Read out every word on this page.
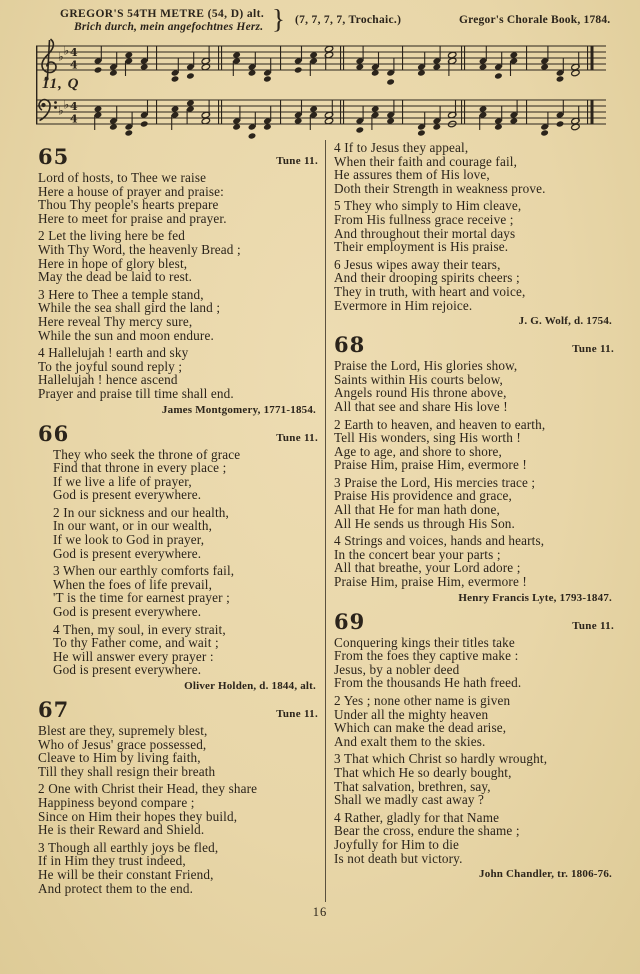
GREGOR'S 54TH METRE (54, D) alt.
Brich durch, mein angefochtnes Herz. } (7, 7, 7, 7, Trochaic.)	Gregor's Chorale Book, 1784.
♭ ♭ 4
4
♭ ♭ 4
4
11, Q
65	Tune 11.
Lord of hosts, to Thee we raise
Here a house of prayer and praise:
Thou Thy people's hearts prepare
Here to meet for praise and prayer.
2 Let the living here be fed
With Thy Word, the heavenly Bread ;
Here in hope of glory blest,
May the dead be laid to rest.
3 Here to Thee a temple stand,
While the sea shall gird the land ;
Here reveal Thy mercy sure,
While the sun and moon endure.
4 Hallelujah ! earth and sky
To the joyful sound reply ;
Hallelujah ! hence ascend
Prayer and praise till time shall end.
James Montgomery, 1771-1854.
66	Tune 11.
They who seek the throne of grace
Find that throne in every place ;
If we live a life of prayer,
God is present everywhere.
2 In our sickness and our health,
In our want, or in our wealth,
If we look to God in prayer,
God is present everywhere.
3 When our earthly comforts fail,
When the foes of life prevail,
'T is the time for earnest prayer ;
God is present everywhere.
4 Then, my soul, in every strait,
To thy Father come, and wait ;
He will answer every prayer :
God is present everywhere.
Oliver Holden, d. 1844, alt.
67	Tune 11.
Blest are they, supremely blest,
Who of Jesus' grace possessed,
Cleave to Him by living faith,
Till they shall resign their breath
2 One with Christ their Head, they share
Happiness beyond compare ;
Since on Him their hopes they build,
He is their Reward and Shield.
3 Though all earthly joys be fled,
If in Him they trust indeed,
He will be their constant Friend,
And protect them to the end.
4 If to Jesus they appeal,
When their faith and courage fail,
He assures them of His love,
Doth their Strength in weakness prove.
5 They who simply to Him cleave,
From His fullness grace receive ;
And throughout their mortal days
Their employment is His praise.
6 Jesus wipes away their tears,
And their drooping spirits cheers ;
They in truth, with heart and voice,
Evermore in Him rejoice.
J. G. Wolf, d. 1754.
68	Tune 11.
Praise the Lord, His glories show,
Saints within His courts below,
Angels round His throne above,
All that see and share His love !
2 Earth to heaven, and heaven to earth,
Tell His wonders, sing His worth !
Age to age, and shore to shore,
Praise Him, praise Him, evermore !
3 Praise the Lord, His mercies trace ;
Praise His providence and grace,
All that He for man hath done,
All He sends us through His Son.
4 Strings and voices, hands and hearts,
In the concert bear your parts ;
All that breathe, your Lord adore ;
Praise Him, praise Him, evermore !
Henry Francis Lyte, 1793-1847.
69	Tune 11.
Conquering kings their titles take
From the foes they captive make :
Jesus, by a nobler deed
From the thousands He hath freed.
2 Yes ; none other name is given
Under all the mighty heaven
Which can make the dead arise,
And exalt them to the skies.
3 That which Christ so hardly wrought,
That which He so dearly bought,
That salvation, brethren, say,
Shall we madly cast away ?
4 Rather, gladly for that Name
Bear the cross, endure the shame ;
Joyfully for Him to die
Is not death but victory.
John Chandler, tr. 1806-76.
16
